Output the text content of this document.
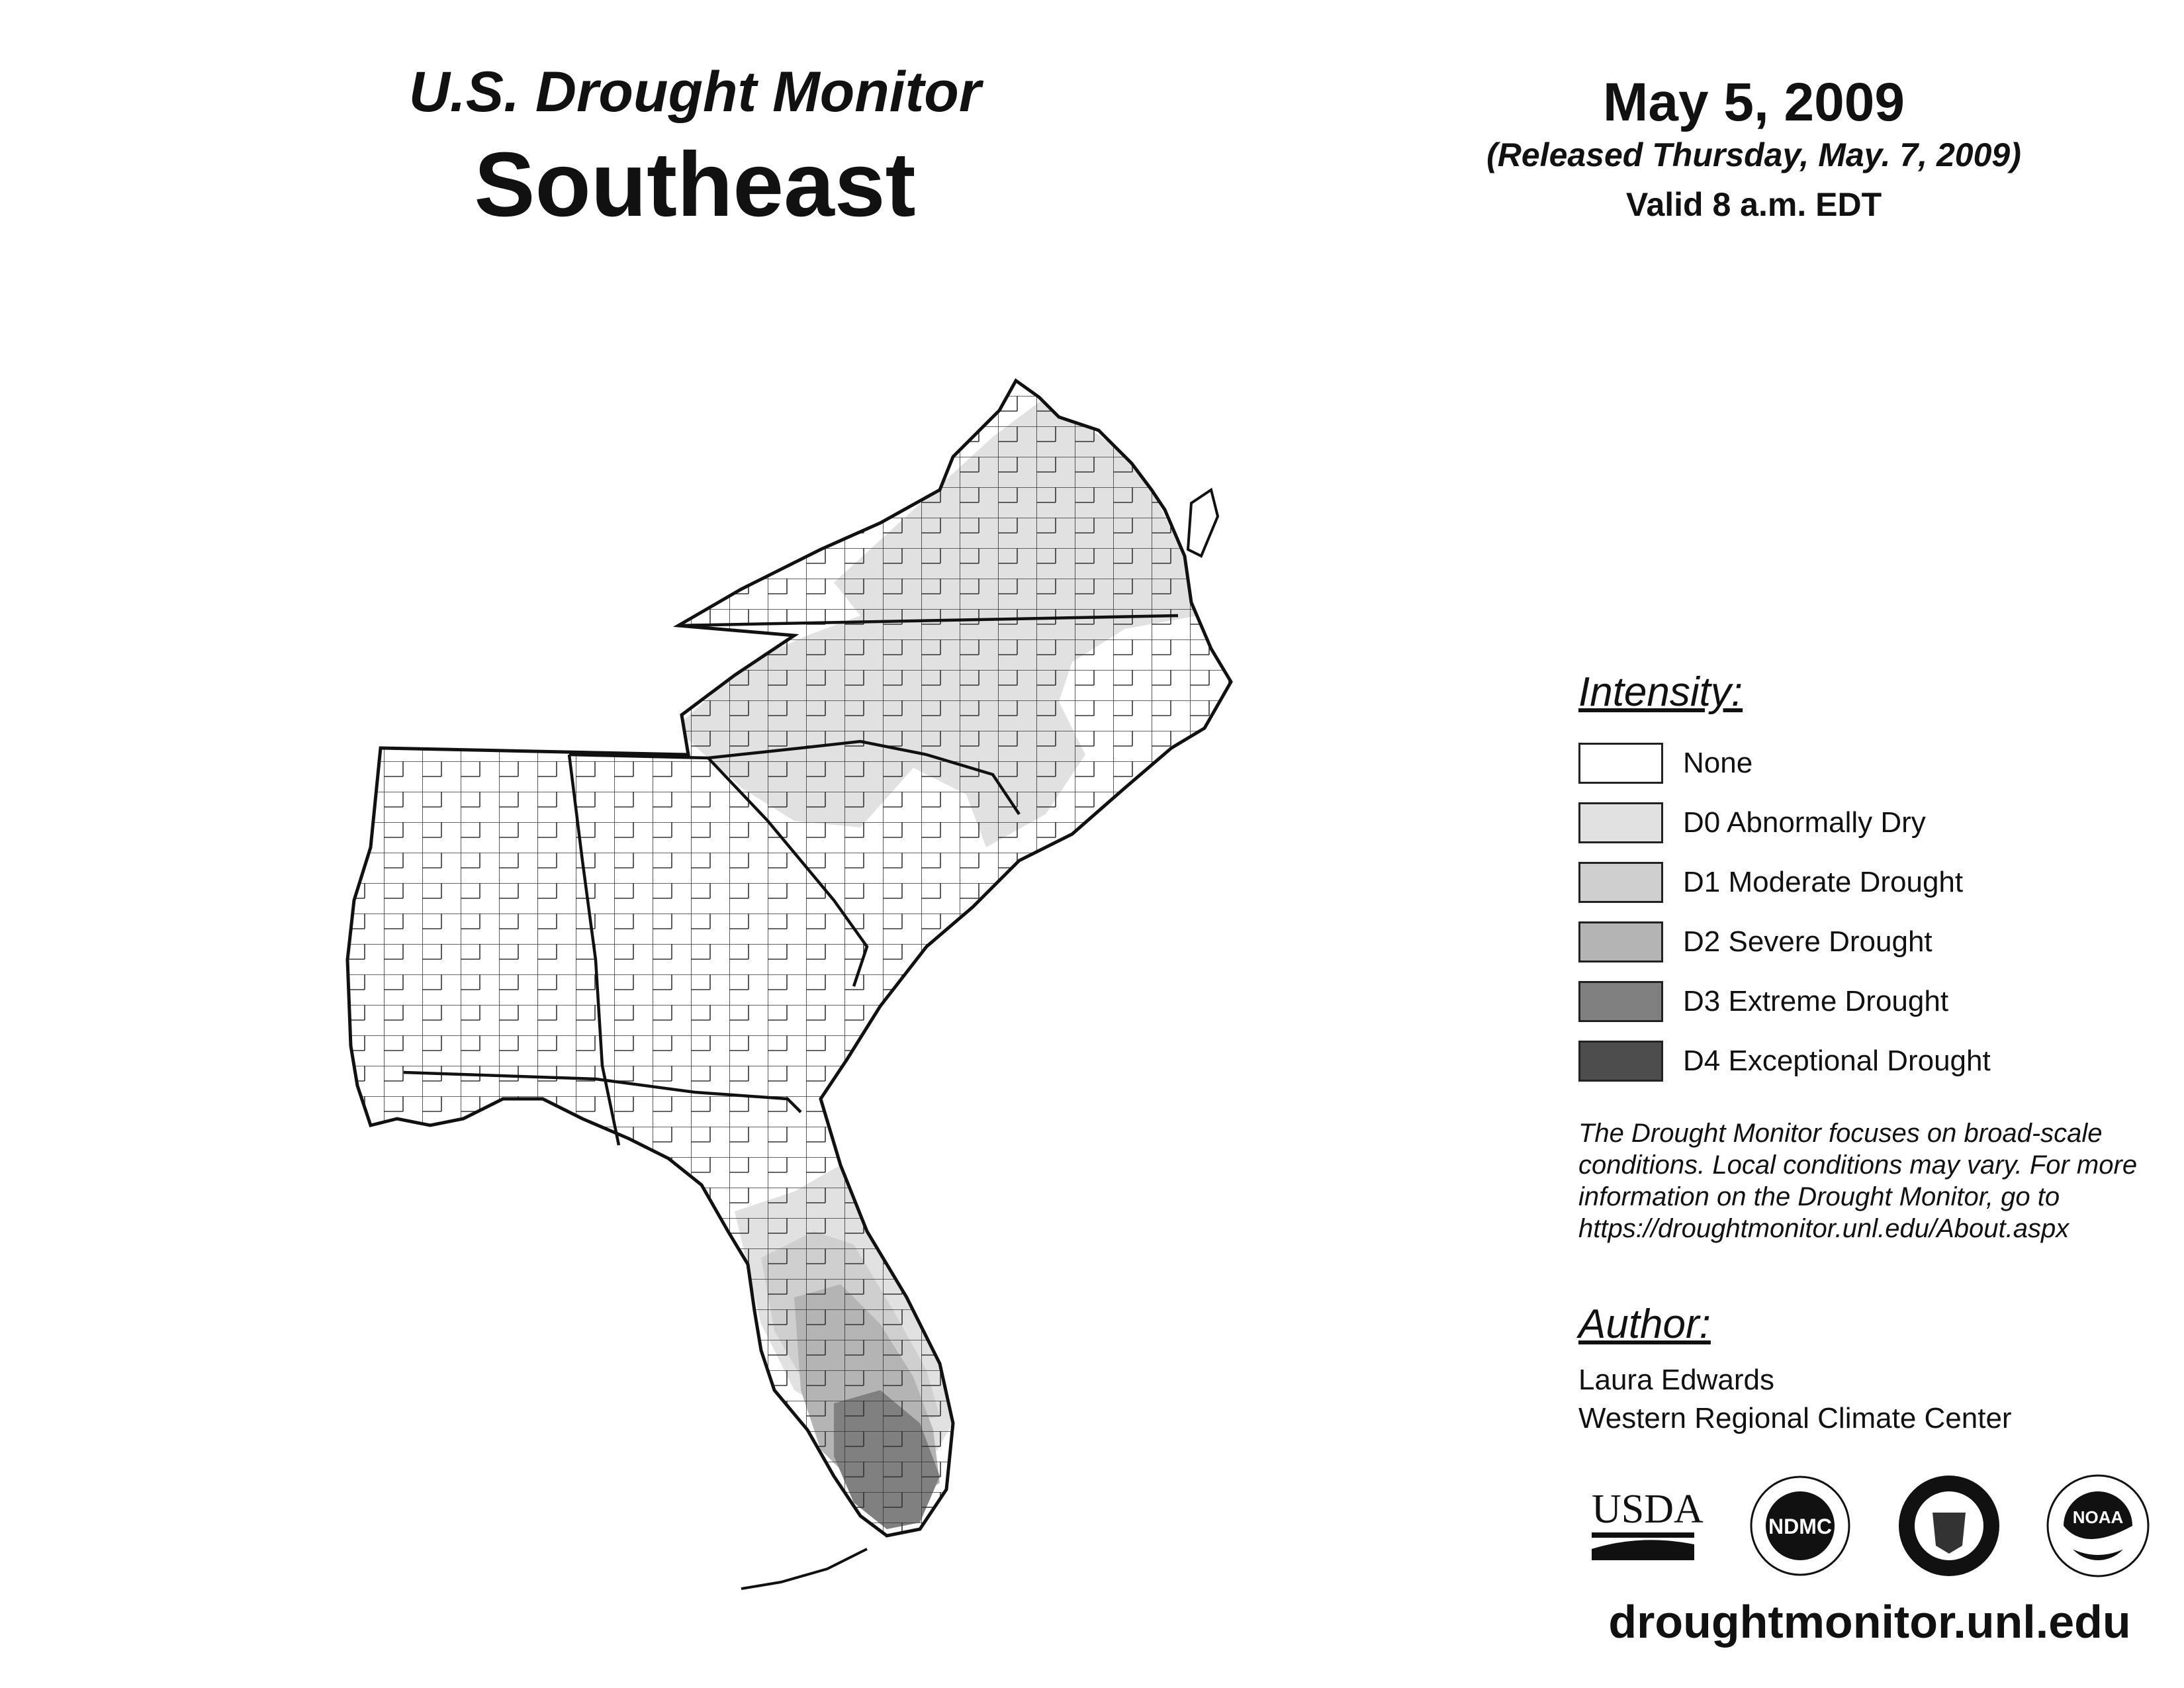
U.S. Drought Monitor
Southeast
May 5, 2009
(Released Thursday, May. 7, 2009)
Valid 8 a.m. EDT
Intensity:
None
D0 Abnormally Dry
D1 Moderate Drought
D2 Severe Drought
D3 Extreme Drought
D4 Exceptional Drought
The Drought Monitor focuses on broad-scale conditions. Local conditions may vary. For more information on the Drought Monitor, go to https://droughtmonitor.unl.edu/About.aspx
Author:
Laura Edwards
Western Regional Climate Center
USDA	NDMC	NOAA
droughtmonitor.unl.edu
